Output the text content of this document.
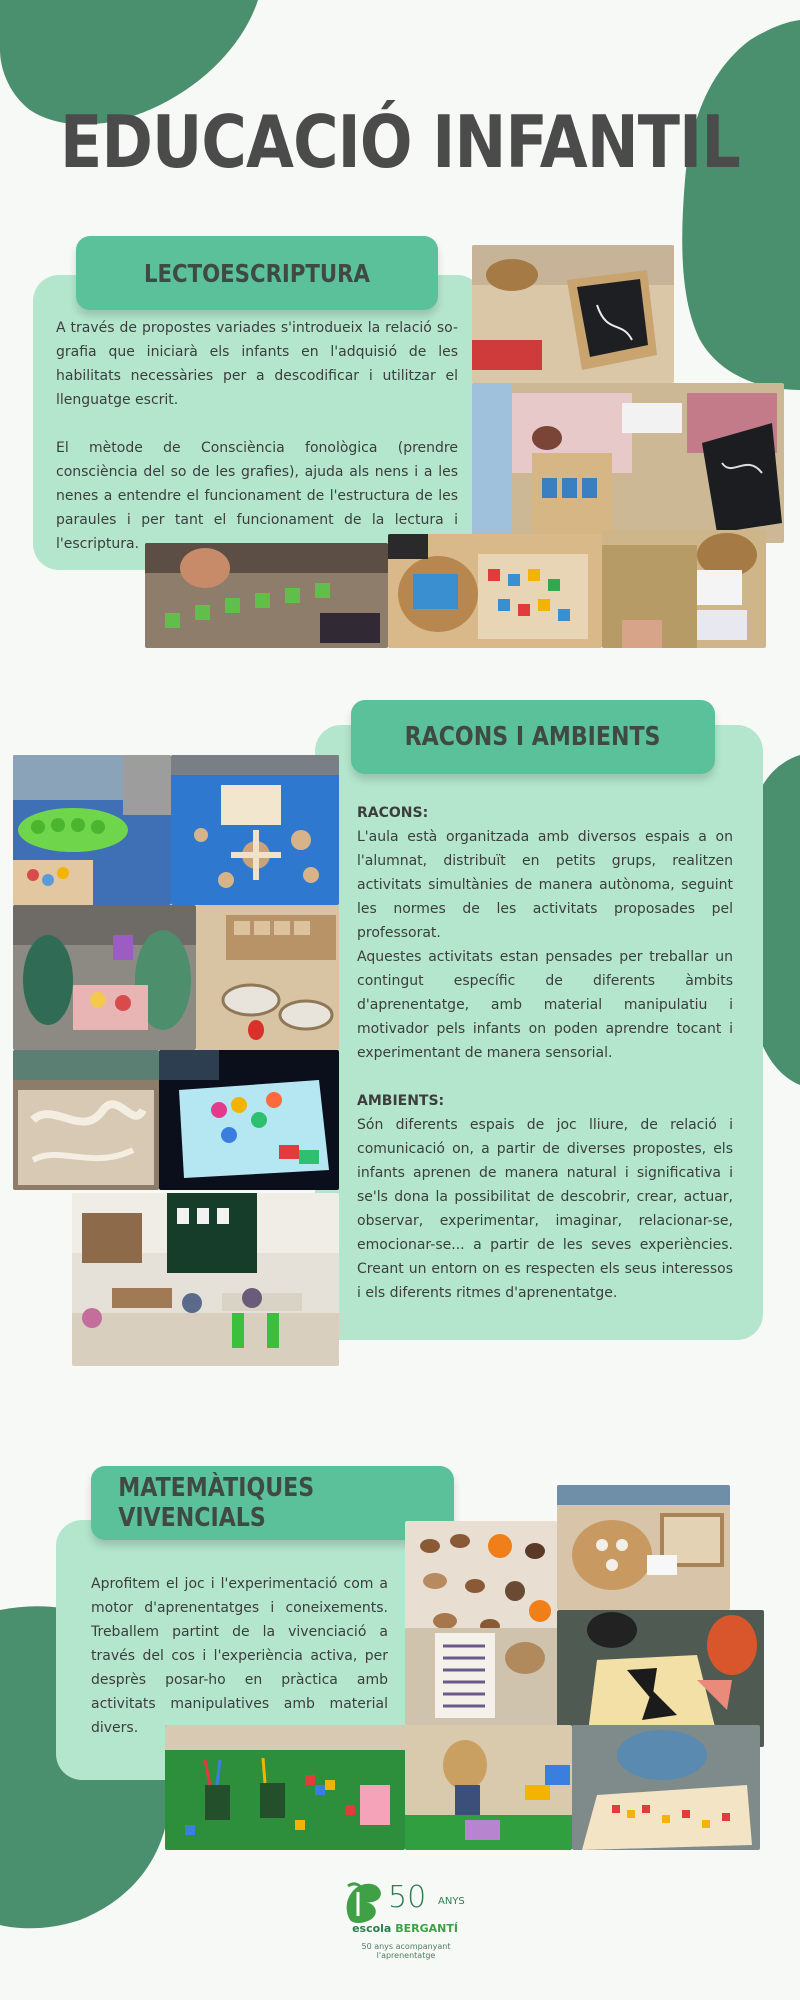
EDUCACIÓ INFANTIL
LECTOESCRIPTURA

A través de propostes variades s'introdueix la relació so-grafia que iniciarà els infants en l'adquisió de les habilitats necessàries per a descodificar i utilitzar el llenguatge escrit.

El mètode de Consciència fonològica (prendre consciència del so de les grafies), ajuda als nens i a les nenes a entendre el funcionament de l'estructura de les paraules i per tant el funcionament de la lectura i l'escriptura.

RACONS I AMBIENTS

RACONS:

L'aula està organitzada amb diversos espais a on l'alumnat, distribuït en petits grups, realitzen activitats simultànies de manera autònoma, seguint les normes de les activitats proposades pel professorat.

Aquestes activitats estan pensades per treballar un contingut específic de diferents àmbits d'aprenentatge, amb material manipulatiu i motivador pels infants on poden aprendre tocant i experimentant de manera sensorial.

AMBIENTS:

Són diferents espais de joc lliure, de relació i comunicació on, a partir de diverses propostes, els infants aprenen de manera natural i significativa i se'ls dona la possibilitat de descobrir, crear, actuar, observar, experimentar, imaginar, relacionar-se, emocionar-se... a partir de les seves experiències. Creant un entorn on es respecten els seus interessos i els diferents ritmes d'aprenentatge.

MATEMÀTIQUES VIVENCIALS

Aprofitem el joc i l'experimentació com a motor d'aprenentatges i coneixements. Treballem partint de la vivenciació a través del cos i l'experiència activa, per desprès posar-ho en pràctica amb activitats manipulatives amb material divers.

50 ANYS
escola BERGANTÍ
50 anys acompanyant l'aprenentatge
